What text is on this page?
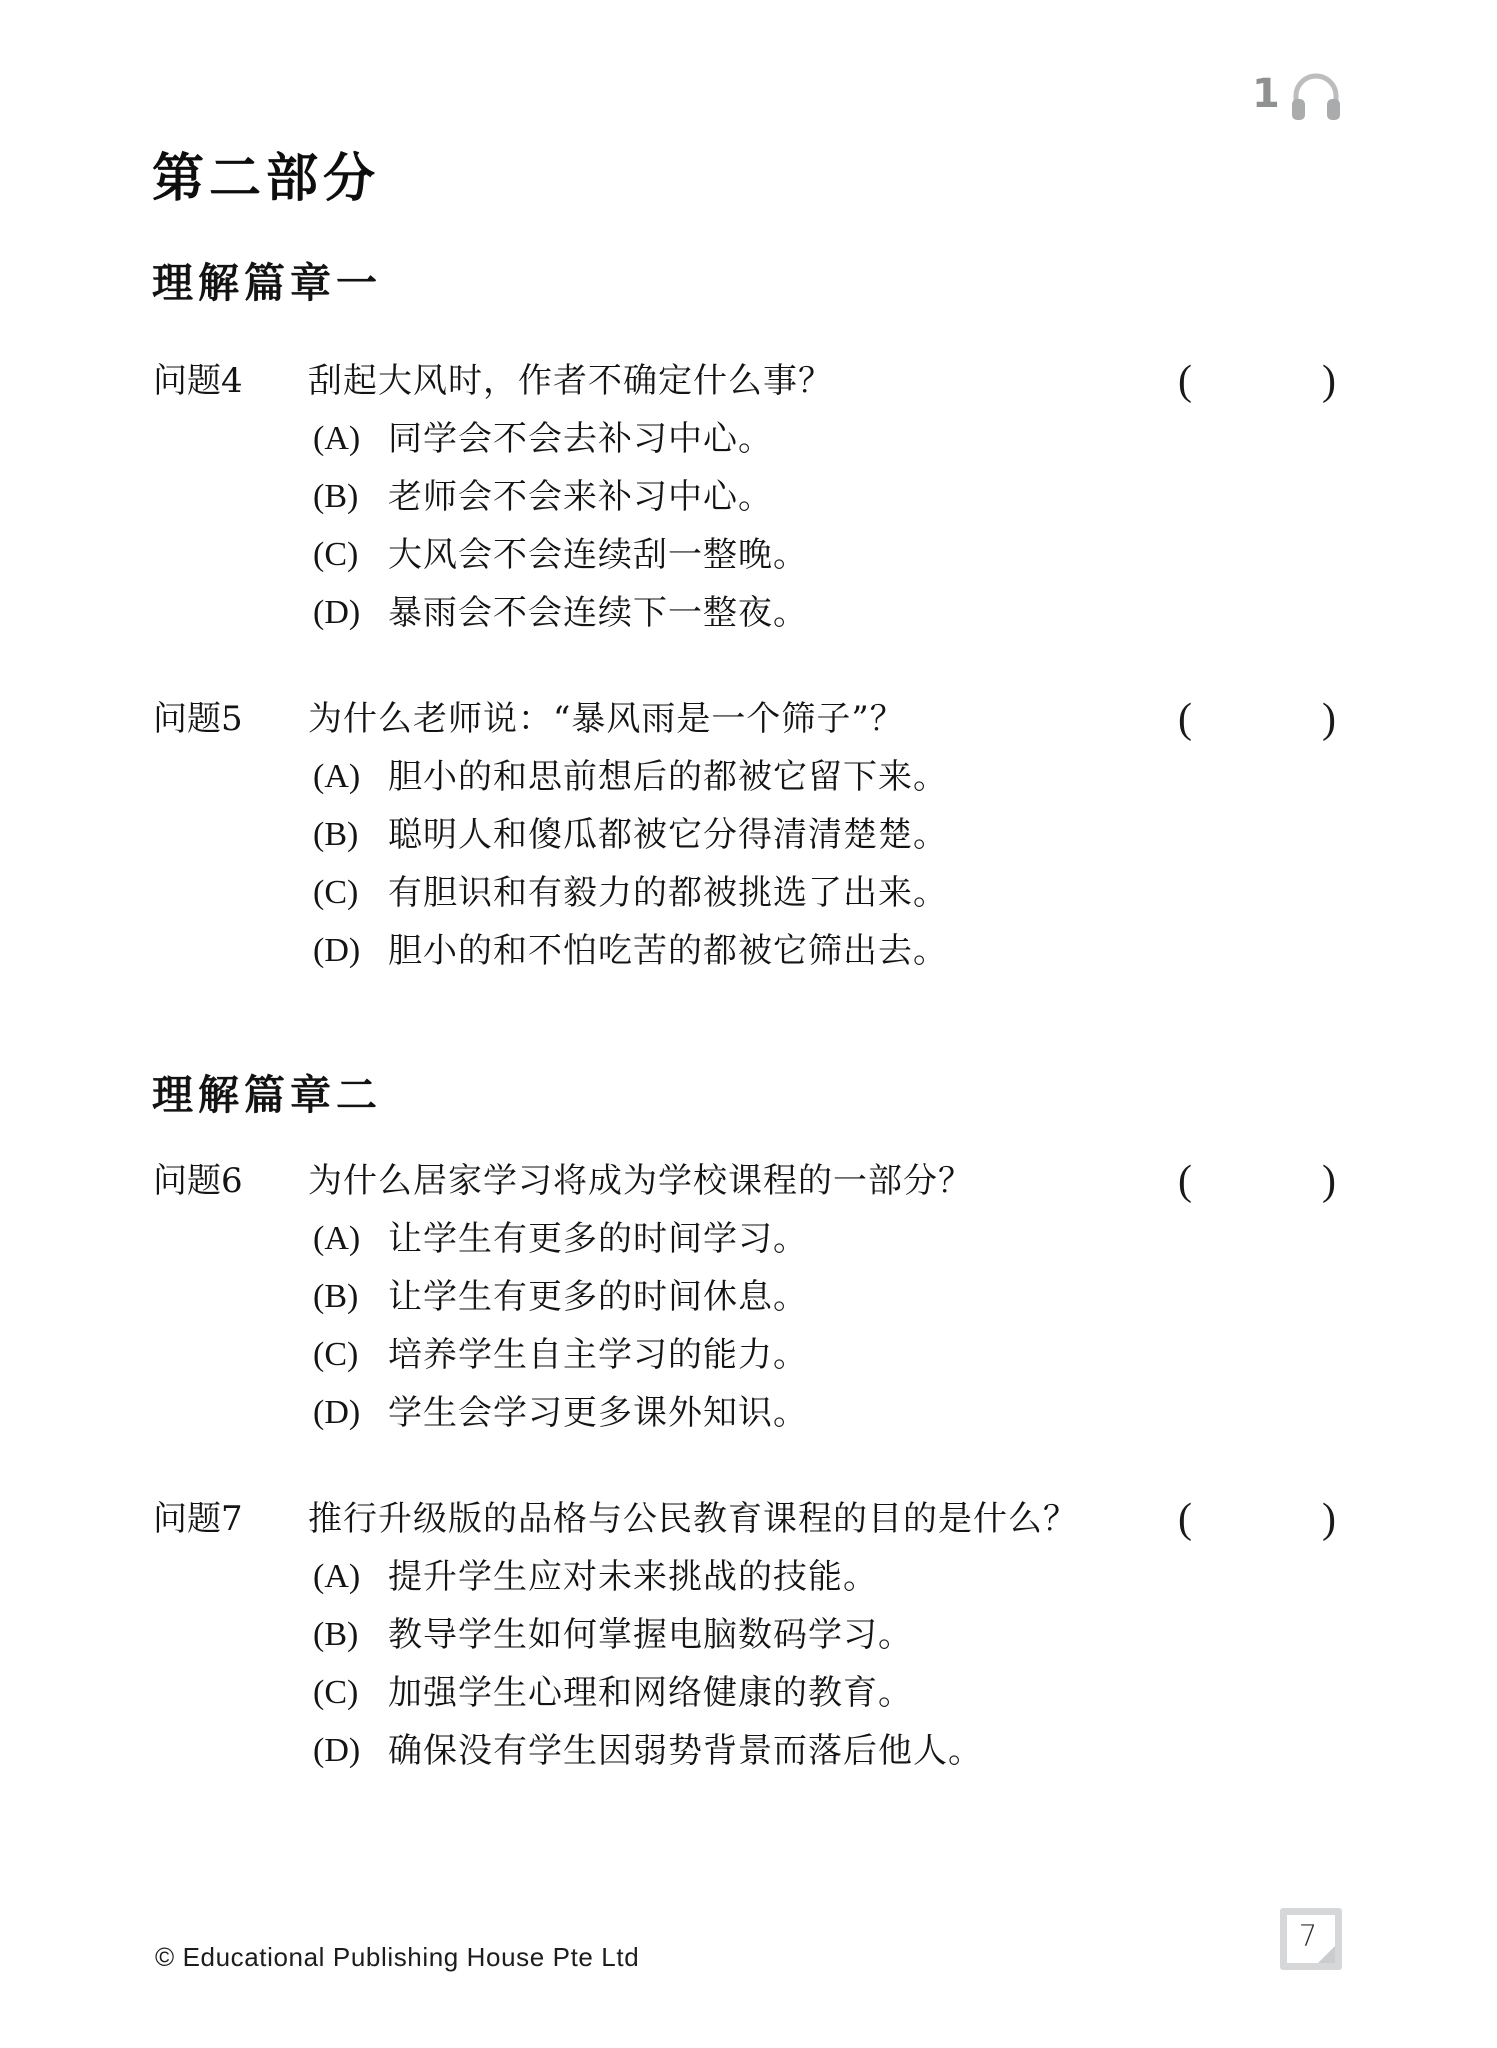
1
第二部分
理解篇章一
问题4 刮起大风时，作者不确定什么事？	(	)
(A) 同学会不会去补习中心。
(B) 老师会不会来补习中心。
(C) 大风会不会连续刮一整晚。
(D) 暴雨会不会连续下一整夜。
问题5 为什么老师说：“暴风雨是一个筛子”？	(	)
(A) 胆小的和思前想后的都被它留下来。
(B) 聪明人和傻瓜都被它分得清清楚楚。
(C) 有胆识和有毅力的都被挑选了出来。
(D) 胆小的和不怕吃苦的都被它筛出去。
理解篇章二
问题6 为什么居家学习将成为学校课程的一部分？	(	)
(A) 让学生有更多的时间学习。
(B) 让学生有更多的时间休息。
(C) 培养学生自主学习的能力。
(D) 学生会学习更多课外知识。
问题7 推行升级版的品格与公民教育课程的目的是什么？ (	)
(A) 提升学生应对未来挑战的技能。
(B) 教导学生如何掌握电脑数码学习。
(C) 加强学生心理和网络健康的教育。
(D) 确保没有学生因弱势背景而落后他人。
© Educational Publishing House Pte Ltd
7
